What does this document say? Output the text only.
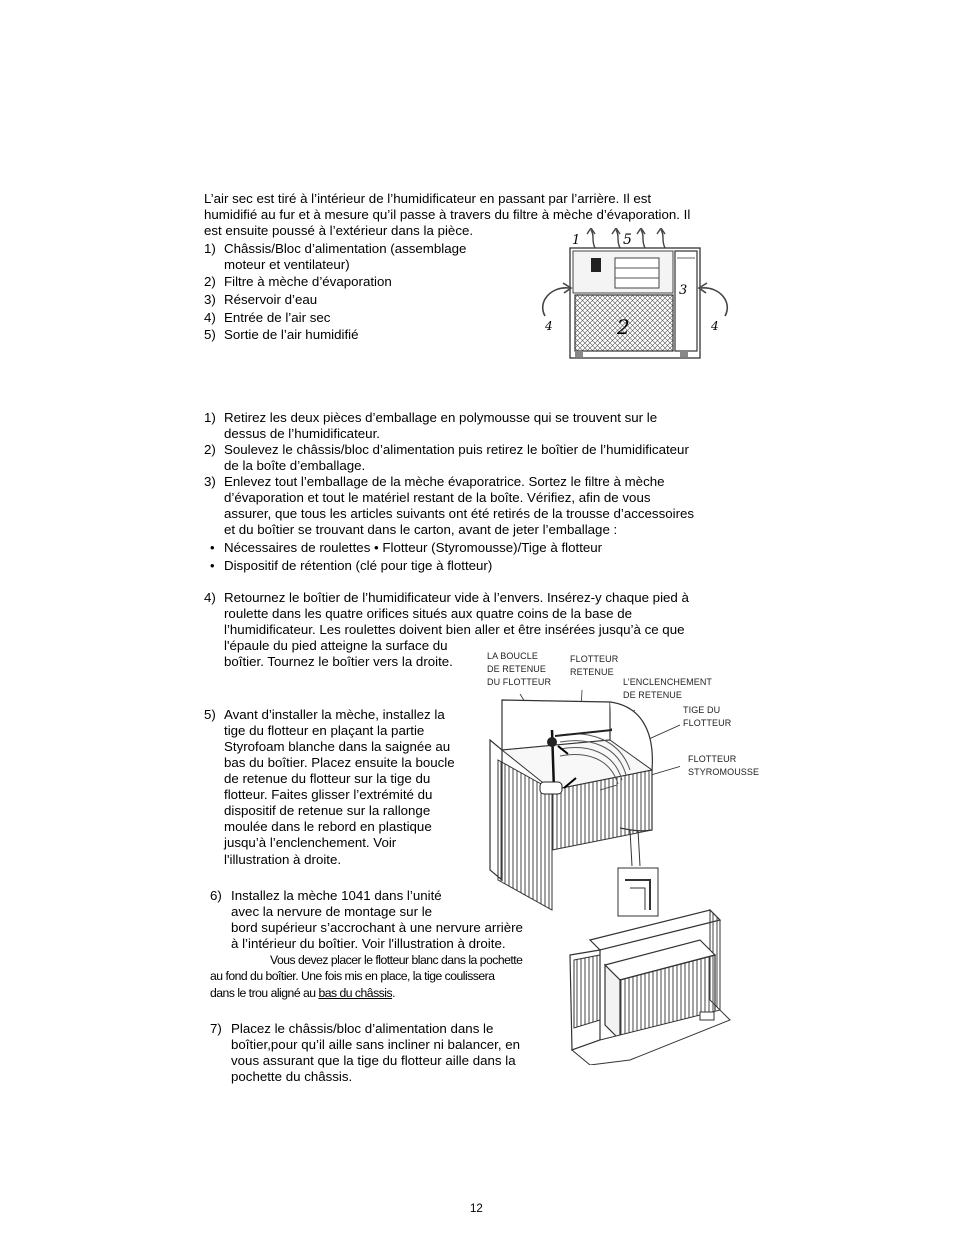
L’air sec est tiré à l’intérieur de l’humidificateur en passant par l’arrière. Il est
humidifié au fur et à mesure qu’il passe à travers du filtre à mèche d’évaporation. Il
est ensuite poussé à l’extérieur dans la pièce.
1) Châssis/Bloc d’alimentation (assemblage
moteur et ventilateur)
2) Filtre à mèche d’évaporation
3) Réservoir d’eau
4) Entrée de l’air sec
5) Sortie de l’air humidifié
1	5
3
4	2	4
1) Retirez les deux pièces d’emballage en polymousse qui se trouvent sur le
dessus de l’humidificateur.
2) Soulevez le châssis/bloc d’alimentation puis retirez le boîtier de l’humidificateur
de la boîte d’emballage.
3) Enlevez tout l’emballage de la mèche évaporatrice. Sortez le filtre à mèche
d’évaporation et tout le matériel restant de la boîte. Vérifiez, afin de vous
assurer, que tous les articles suivants ont été retirés de la trousse d’accessoires
et du boîtier se trouvant dans le carton, avant de jeter l’emballage :
• Nécessaires de roulettes • Flotteur (Styromousse)/Tige à flotteur
• Dispositif de rétention (clé pour tige à flotteur)
4) Retournez le boîtier de l’humidificateur vide à l’envers. Insérez-y chaque pied à
roulette dans les quatre orifices situés aux quatre coins de la base de
l’humidificateur. Les roulettes doivent bien aller et être insérées jusqu’à ce que
l'épaule du pied atteigne la surface du
boîtier. Tournez le boîtier vers la droite.
5) Avant d’installer la mèche, installez la
tige du flotteur en plaçant la partie
Styrofoam blanche dans la saignée au
bas du boîtier. Placez ensuite la boucle
de retenue du flotteur sur la tige du
flotteur. Faites glisser l’extrémité du
dispositif de retenue sur la rallonge
moulée dans le rebord en plastique
jusqu’à l’enclenchement. Voir
l'illustration à droite.
6) Installez la mèche 1041 dans l’unité
avec la nervure de montage sur le
bord supérieur s’accrochant à une nervure arrière
à l’intérieur du boîtier. Voir l'illustration à droite.
Vous devez placer le flotteur blanc dans la pochette
au fond du boîtier. Une fois mis en place, la tige coulissera
dans le trou aligné au bas du châssis.
7) Placez le châssis/bloc d’alimentation dans le
boîtier,pour qu’il aille sans incliner ni balancer, en
vous assurant que la tige du flotteur aille dans la
pochette du châssis.
LA BOUCLE
DE RETENUE
DU FLOTTEUR
FLOTTEUR
RETENUE
L’ENCLENCHEMENT
DE RETENUE
TIGE DU
FLOTTEUR
FLOTTEUR
STYROMOUSSE
12
